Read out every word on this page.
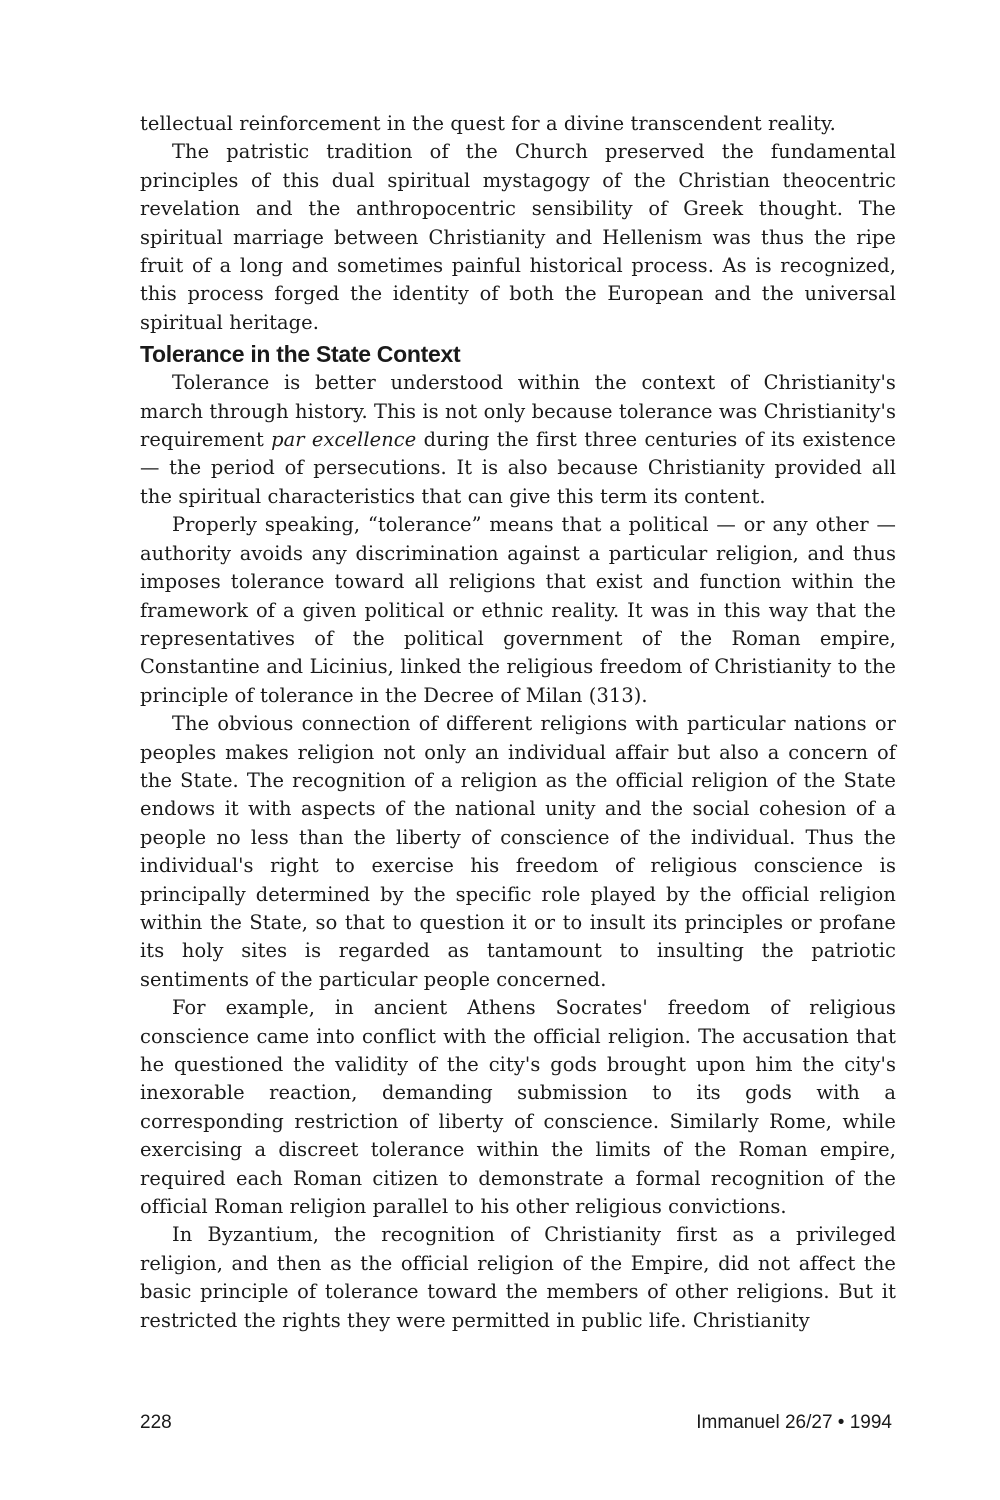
tellectual reinforcement in the quest for a divine transcendent reality.

The patristic tradition of the Church preserved the fundamental principles of this dual spiritual mystagogy of the Christian theocentric revelation and the anthropocentric sensibility of Greek thought. The spiritual marriage between Christianity and Hellenism was thus the ripe fruit of a long and sometimes painful historical process. As is recognized, this process forged the identity of both the European and the universal spiritual heritage.

Tolerance in the State Context

Tolerance is better understood within the context of Christianity's march through history. This is not only because tolerance was Christianity's requirement par excellence during the first three centuries of its existence — the period of persecutions. It is also because Christianity provided all the spiritual characteristics that can give this term its content.

Properly speaking, “tolerance” means that a political — or any other — authority avoids any discrimination against a particular religion, and thus imposes tolerance toward all religions that exist and function within the framework of a given political or ethnic reality. It was in this way that the representatives of the political government of the Roman empire, Constantine and Licinius, linked the religious freedom of Christianity to the principle of tolerance in the Decree of Milan (313).

The obvious connection of different religions with particular nations or peoples makes religion not only an individual affair but also a concern of the State. The recognition of a religion as the official religion of the State endows it with aspects of the national unity and the social cohesion of a people no less than the liberty of conscience of the individual. Thus the individual's right to exercise his freedom of religious conscience is principally determined by the specific role played by the official religion within the State, so that to question it or to insult its principles or profane its holy sites is regarded as tantamount to insulting the patriotic sentiments of the particular people concerned.

For example, in ancient Athens Socrates' freedom of religious conscience came into conflict with the official religion. The accusation that he questioned the validity of the city's gods brought upon him the city's inexorable reaction, demanding submission to its gods with a corresponding restriction of liberty of conscience. Similarly Rome, while exercising a discreet tolerance within the limits of the Roman empire, required each Roman citizen to demonstrate a formal recognition of the official Roman religion parallel to his other religious convictions.

In Byzantium, the recognition of Christianity first as a privileged religion, and then as the official religion of the Empire, did not affect the basic principle of tolerance toward the members of other religions. But it restricted the rights they were permitted in public life. Christianity

228	Immanuel 26/27 • 1994
